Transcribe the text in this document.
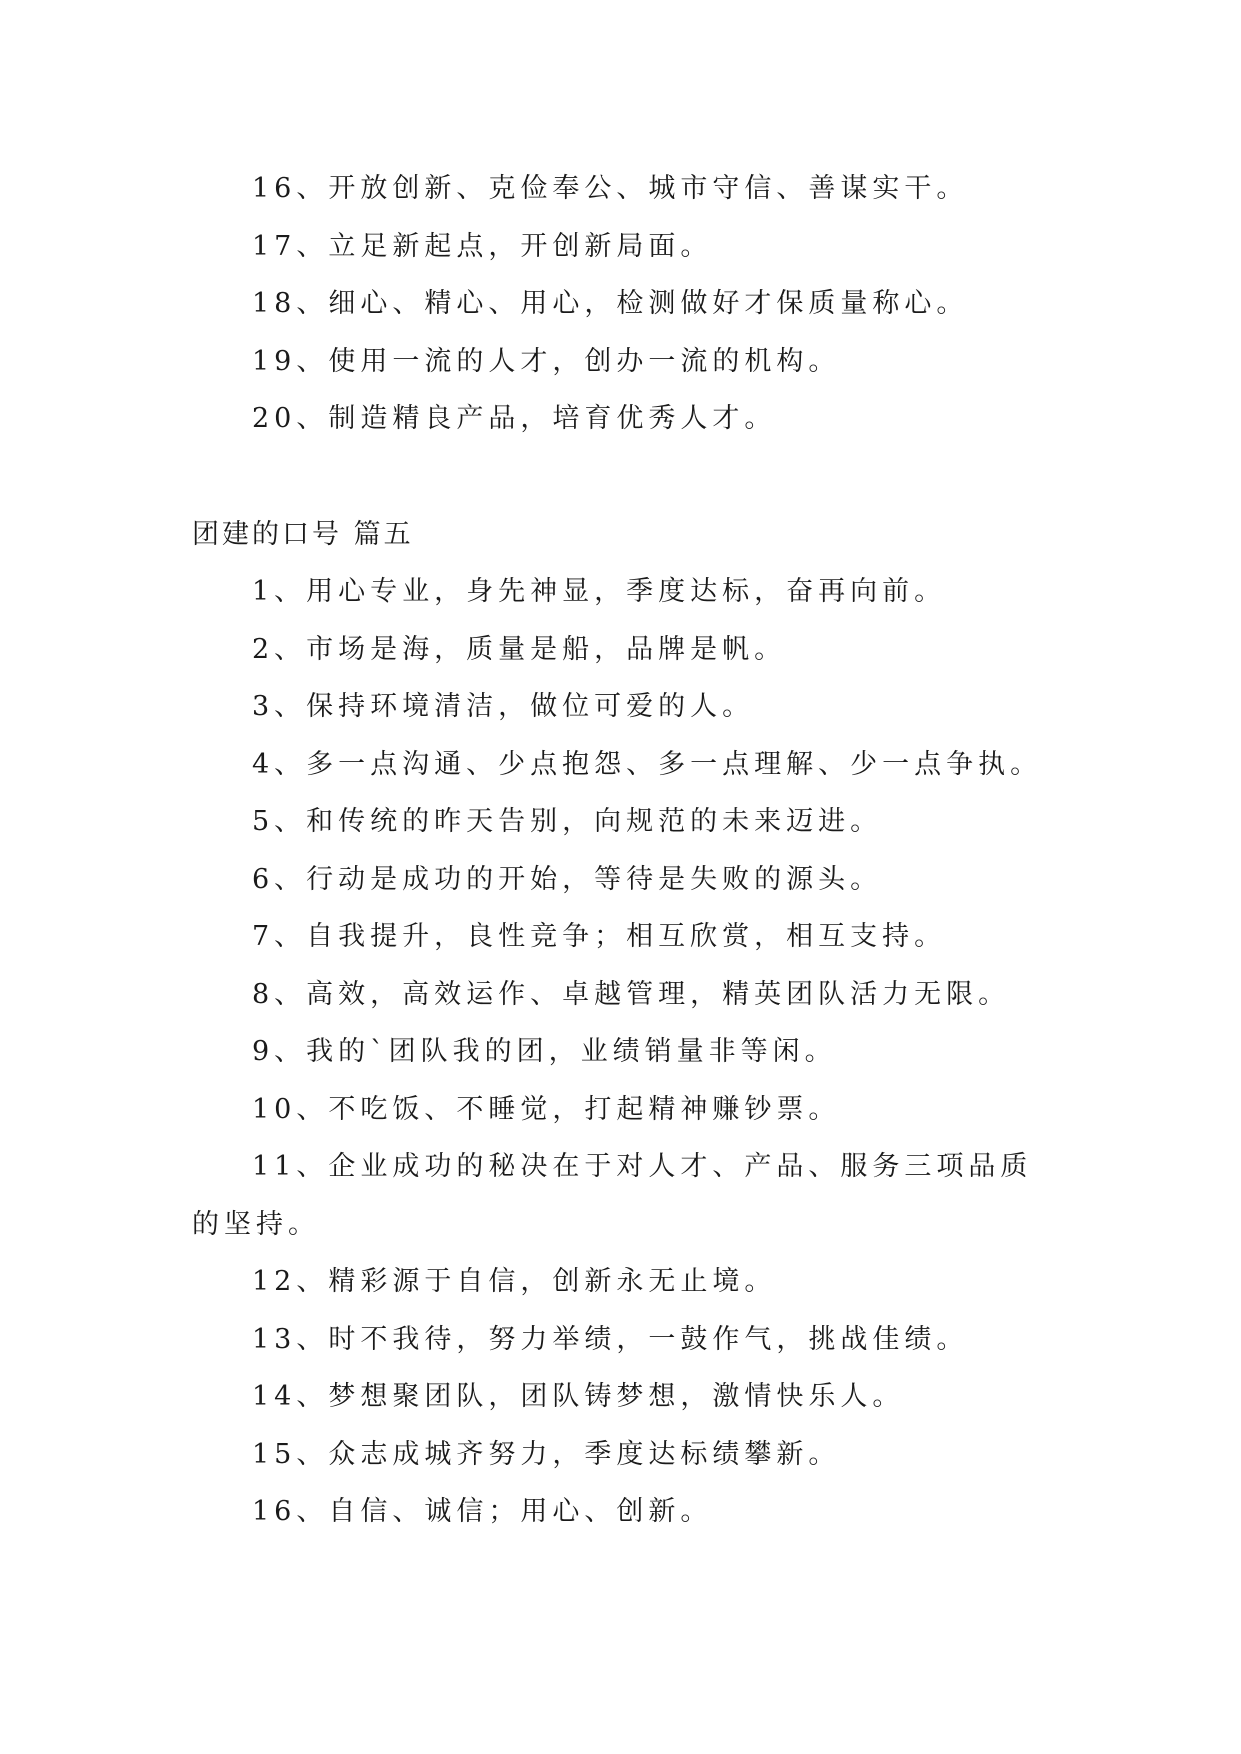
16、开放创新、克俭奉公、城市守信、善谋实干。

17、立足新起点，开创新局面。

18、细心、精心、用心，检测做好才保质量称心。

19、使用一流的人才，创办一流的机构。

20、制造精良产品，培育优秀人才。

团建的口号 篇五

1、用心专业，身先神显，季度达标，奋再向前。

2、市场是海，质量是船，品牌是帆。

3、保持环境清洁，做位可爱的人。

4、多一点沟通、少点抱怨、多一点理解、少一点争执。

5、和传统的昨天告别，向规范的未来迈进。

6、行动是成功的开始，等待是失败的源头。

7、自我提升，良性竞争；相互欣赏，相互支持。

8、高效，高效运作、卓越管理，精英团队活力无限。

9、我的`团队我的团，业绩销量非等闲。

10、不吃饭、不睡觉，打起精神赚钞票。

11、企业成功的秘决在于对人才、产品、服务三项品质

的坚持。

12、精彩源于自信，创新永无止境。

13、时不我待，努力举绩，一鼓作气，挑战佳绩。

14、梦想聚团队，团队铸梦想，激情快乐人。

15、众志成城齐努力，季度达标绩攀新。

16、自信、诚信；用心、创新。
